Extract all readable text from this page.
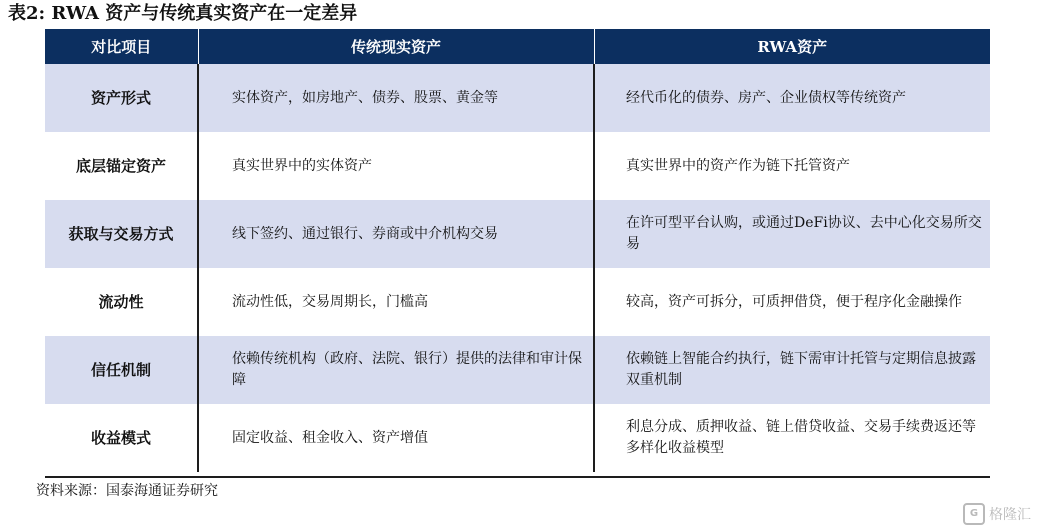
表2: RWA 资产与传统真实资产在一定差异
对比项目	传统现实资产	RWA资产
资产形式	实体资产，如房地产、债券、股票、黄金等	经代币化的债券、房产、企业债权等传统资产
底层锚定资产	真实世界中的实体资产	真实世界中的资产作为链下托管资产
获取与交易方式	线下签约、通过银行、券商或中介机构交易	在许可型平台认购，或通过DeFi协议、去中心化交易所交易
流动性	流动性低，交易周期长，门槛高	较高，资产可拆分，可质押借贷，便于程序化金融操作
信任机制	依赖传统机构（政府、法院、银行）提供的法律和审计保障	依赖链上智能合约执行，链下需审计托管与定期信息披露双重机制
收益模式	固定收益、租金收入、资产增值	利息分成、质押收益、链上借贷收益、交易手续费返还等多样化收益模型
资料来源：国泰海通证券研究
G 格隆汇
